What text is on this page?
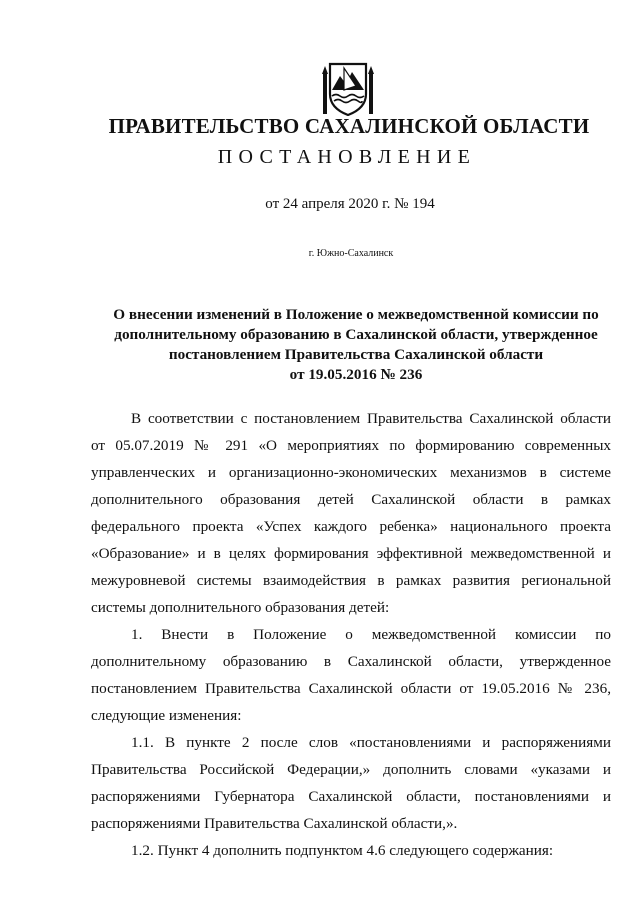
ПРАВИТЕЛЬСТВО САХАЛИНСКОЙ ОБЛАСТИ
ПОСТАНОВЛЕНИЕ
от 24 апреля 2020 г. № 194
г. Южно-Сахалинск
О внесении изменений в Положение о межведомственной комиссии по
дополнительному образованию в Сахалинской области, утвержденное
постановлением Правительства Сахалинской области
от 19.05.2016 № 236
В соответствии с постановлением Правительства Сахалинской области
от 05.07.2019 № 291 «О мероприятиях по формированию современных
управленческих и организационно-экономических механизмов в системе
дополнительного образования детей Сахалинской области в рамках
федерального проекта «Успех каждого ребенка» национального проекта
«Образование» и в целях формирования эффективной межведомственной и
межуровневой системы взаимодействия в рамках развития региональной
системы дополнительного образования детей:
1. Внести в Положение о межведомственной комиссии по
дополнительному образованию в Сахалинской области, утвержденное
постановлением Правительства Сахалинской области от 19.05.2016 № 236,
следующие изменения:
1.1. В пункте 2 после слов «постановлениями и распоряжениями
Правительства Российской Федерации,» дополнить словами «указами и
распоряжениями Губернатора Сахалинской области, постановлениями и
распоряжениями Правительства Сахалинской области,».
1.2. Пункт 4 дополнить подпунктом 4.6 следующего содержания:
